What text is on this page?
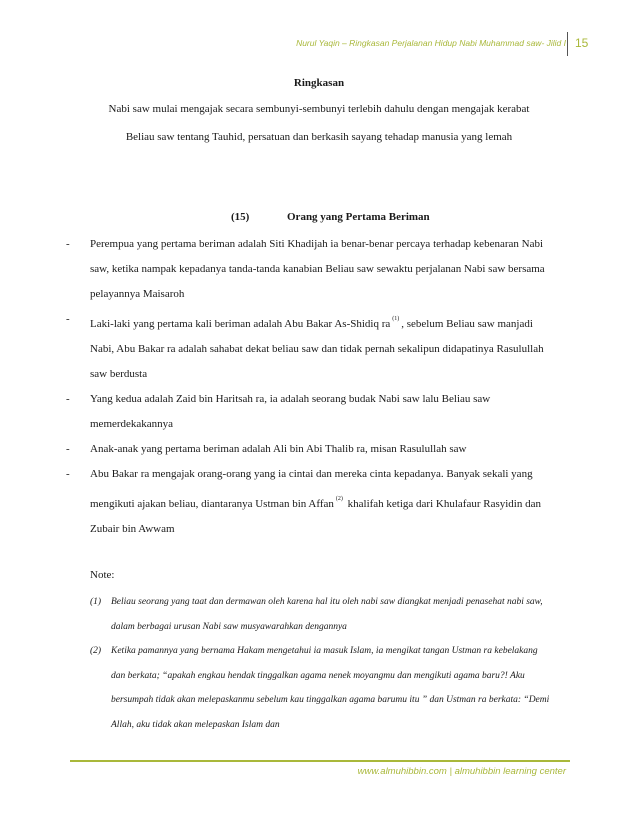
Nurul Yaqin – Ringkasan Perjalanan Hidup Nabi Muhammad saw- Jilid I 15
Ringkasan
Nabi saw mulai mengajak secara sembunyi-sembunyi terlebih dahulu dengan mengajak kerabat Beliau saw tentang Tauhid, persatuan dan berkasih sayang tehadap manusia yang lemah
(15)	Orang yang Pertama Beriman
- Perempua yang pertama beriman adalah Siti Khadijah ia benar-benar percaya terhadap kebenaran Nabi saw, ketika nampak kepadanya tanda-tanda kanabian Beliau saw sewaktu perjalanan Nabi saw bersama pelayannya Maisaroh
- Laki-laki yang pertama kali beriman adalah Abu Bakar As-Shidiq ra $^{(1)}$ , sebelum Beliau saw manjadi Nabi, Abu Bakar ra adalah sahabat dekat beliau saw dan tidak pernah sekalipun didapatinya Rasulullah saw berdusta
- Yang kedua adalah Zaid bin Haritsah ra, ia adalah seorang budak Nabi saw lalu Beliau saw memerdekakannya
- Anak-anak yang pertama beriman adalah Ali bin Abi Thalib ra, misan Rasulullah saw
- Abu Bakar ra mengajak orang-orang yang ia cintai dan mereka cinta kepadanya. Banyak sekali yang mengikuti ajakan beliau, diantaranya Ustman bin Affan $^{(2)}$ khalifah ketiga dari Khulafaur Rasyidin dan Zubair bin Awwam
Note:
(1) Beliau seorang yang taat dan dermawan oleh karena hal itu oleh nabi saw diangkat menjadi penasehat nabi saw, dalam berbagai urusan Nabi saw musyawarahkan dengannya
(2) Ketika pamannya yang bernama Hakam mengetahui ia masuk Islam, ia mengikat tangan Ustman ra kebelakang dan berkata; “apakah engkau hendak tinggalkan agama nenek moyangmu dan mengikuti agama baru?! Aku bersumpah tidak akan melepaskanmu sebelum kau tinggalkan agama barumu itu ” dan Ustman ra berkata: “Demi Allah, aku tidak akan melepaskan Islam dan
www.almuhibbin.com | almuhibbin learning center
